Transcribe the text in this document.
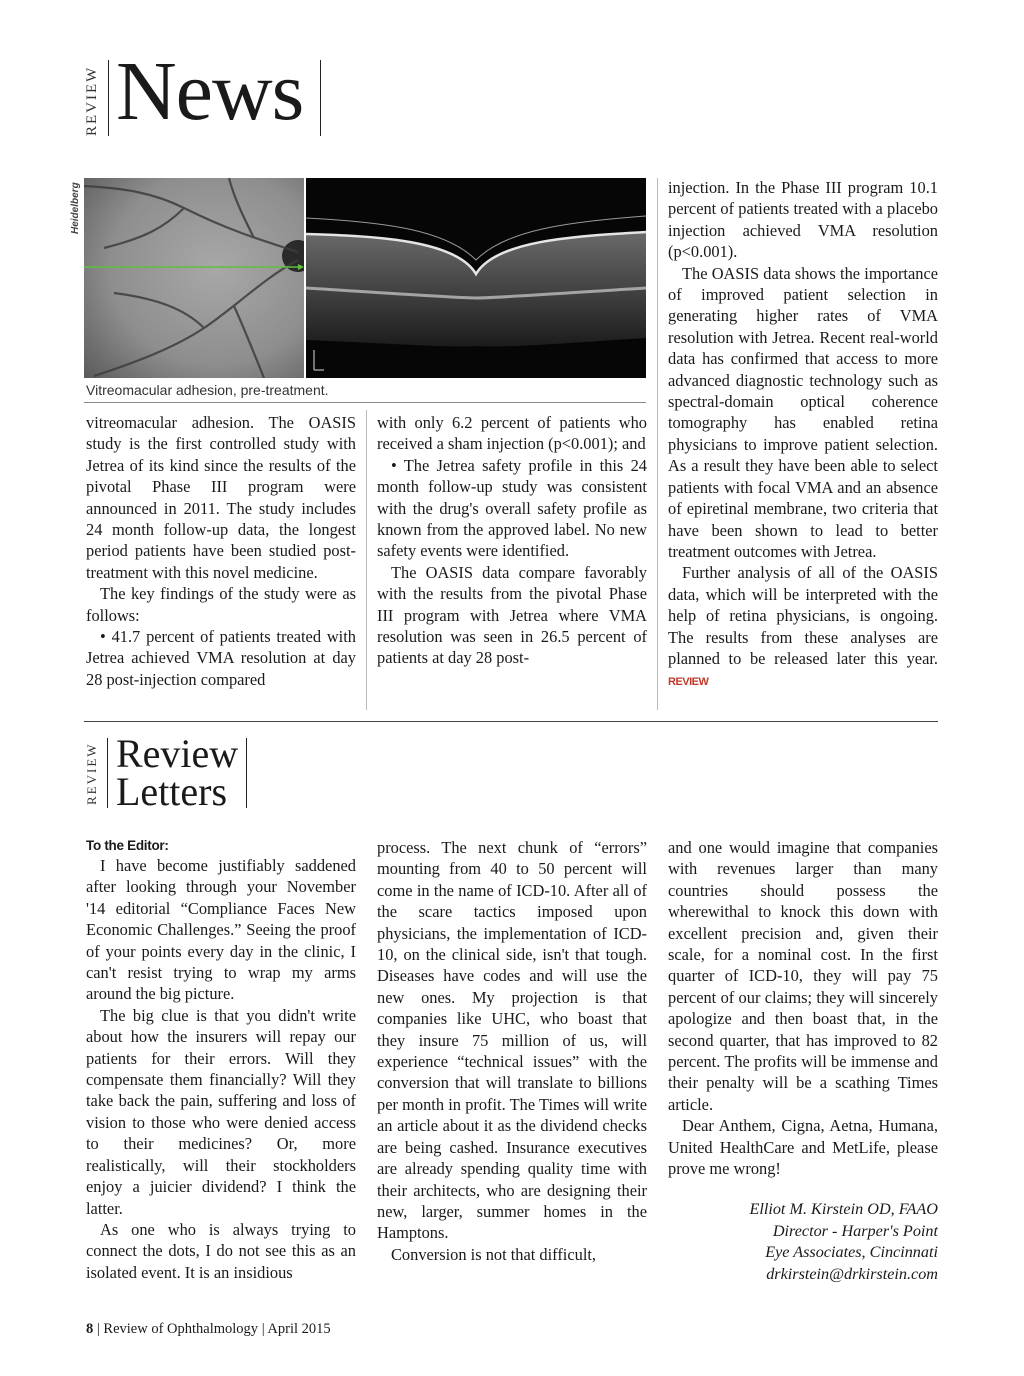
REVIEW News
Heidelberg
Vitreomacular adhesion, pre-treatment.

vitreomacular adhesion. The OASIS study is the first controlled study with Jetrea of its kind since the results of the pivotal Phase III program were announced in 2011. The study includes 24 month follow-up data, the longest period patients have been studied post-treatment with this novel medicine.

The key findings of the study were as follows:

• 41.7 percent of patients treated with Jetrea achieved VMA resolution at day 28 post-injection compared

with only 6.2 percent of patients who received a sham injection (p<0.001); and

• The Jetrea safety profile in this 24 month follow-up study was consistent with the drug's overall safety profile as known from the approved label. No new safety events were identified.

The OASIS data compare favorably with the results from the pivotal Phase III program with Jetrea where VMA resolution was seen in 26.5 percent of patients at day 28 post-

injection. In the Phase III program 10.1 percent of patients treated with a placebo injection achieved VMA resolution (p<0.001).

The OASIS data shows the importance of improved patient selection in generating higher rates of VMA resolution with Jetrea. Recent real-world data has confirmed that access to more advanced diagnostic technology such as spectral-domain optical coherence tomography has enabled retina physicians to improve patient selection. As a result they have been able to select patients with focal VMA and an absence of epiretinal membrane, two criteria that have been shown to lead to better treatment outcomes with Jetrea.

Further analysis of all of the OASIS data, which will be interpreted with the help of retina physicians, is ongoing. The results from these analyses are planned to be released later this year. REVIEW

REVIEW Review
Letters
To the Editor:

I have become justifiably saddened after looking through your November '14 editorial “Compliance Faces New Economic Challenges.” Seeing the proof of your points every day in the clinic, I can't resist trying to wrap my arms around the big picture.

The big clue is that you didn't write about how the insurers will repay our patients for their errors. Will they compensate them financially? Will they take back the pain, suffering and loss of vision to those who were denied access to their medicines? Or, more realistically, will their stockholders enjoy a juicier dividend? I think the latter.

As one who is always trying to connect the dots, I do not see this as an isolated event. It is an insidious

process. The next chunk of “errors” mounting from 40 to 50 percent will come in the name of ICD-10. After all of the scare tactics imposed upon physicians, the implementation of ICD-10, on the clinical side, isn't that tough. Diseases have codes and will use the new ones. My projection is that companies like UHC, who boast that they insure 75 million of us, will experience “technical issues” with the conversion that will translate to billions per month in profit. The Times will write an article about it as the dividend checks are being cashed. Insurance executives are already spending quality time with their architects, who are designing their new, larger, summer homes in the Hamptons.

Conversion is not that difficult,

and one would imagine that companies with revenues larger than many countries should possess the wherewithal to knock this down with excellent precision and, given their scale, for a nominal cost. In the first quarter of ICD-10, they will pay 75 percent of our claims; they will sincerely apologize and then boast that, in the second quarter, that has improved to 82 percent. The profits will be immense and their penalty will be a scathing Times article.

Dear Anthem, Cigna, Aetna, Humana, United HealthCare and MetLife, please prove me wrong!

Elliot M. Kirstein OD, FAAO
Director - Harper's Point
Eye Associates, Cincinnati
drkirstein@drkirstein.com
8 | Review of Ophthalmology | April 2015
